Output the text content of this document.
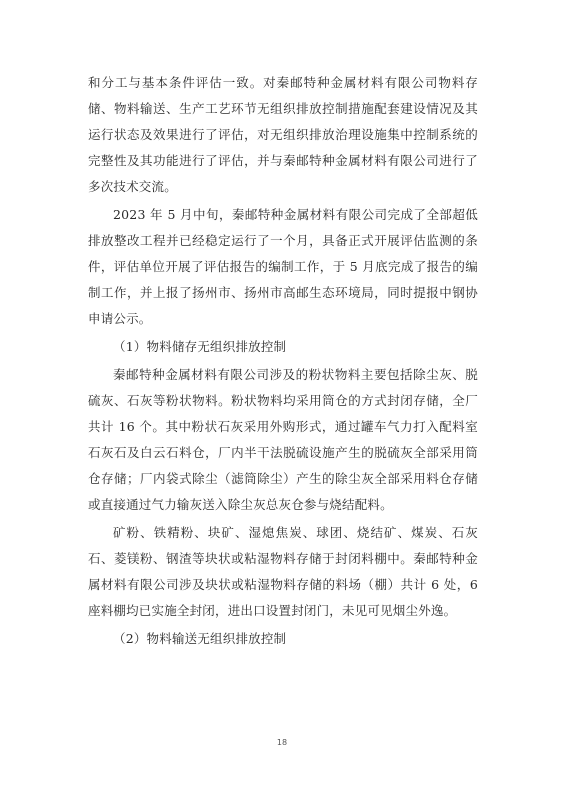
和分工与基本条件评估一致。对秦邮特种金属材料有限公司物料存储、物料输送、生产工艺环节无组织排放控制措施配套建设情况及其运行状态及效果进行了评估，对无组织排放治理设施集中控制系统的完整性及其功能进行了评估，并与秦邮特种金属材料有限公司进行了多次技术交流。

2023 年 5 月中旬，秦邮特种金属材料有限公司完成了全部超低排放整改工程并已经稳定运行了一个月，具备正式开展评估监测的条件，评估单位开展了评估报告的编制工作，于 5 月底完成了报告的编制工作，并上报了扬州市、扬州市高邮生态环境局，同时提报中钢协申请公示。

（1）物料储存无组织排放控制

秦邮特种金属材料有限公司涉及的粉状物料主要包括除尘灰、脱硫灰、石灰等粉状物料。粉状物料均采用筒仓的方式封闭存储，全厂共计 16 个。其中粉状石灰采用外购形式，通过罐车气力打入配料室石灰石及白云石料仓，厂内半干法脱硫设施产生的脱硫灰全部采用筒仓存储；厂内袋式除尘（滤筒除尘）产生的除尘灰全部采用料仓存储或直接通过气力输灰送入除尘灰总灰仓参与烧结配料。

矿粉、铁精粉、块矿、湿熄焦炭、球团、烧结矿、煤炭、石灰石、菱镁粉、钢渣等块状或粘湿物料存储于封闭料棚中。秦邮特种金属材料有限公司涉及块状或粘湿物料存储的料场（棚）共计 6 处，6 座料棚均已实施全封闭，进出口设置封闭门，未见可见烟尘外逸。

（2）物料输送无组织排放控制

18
